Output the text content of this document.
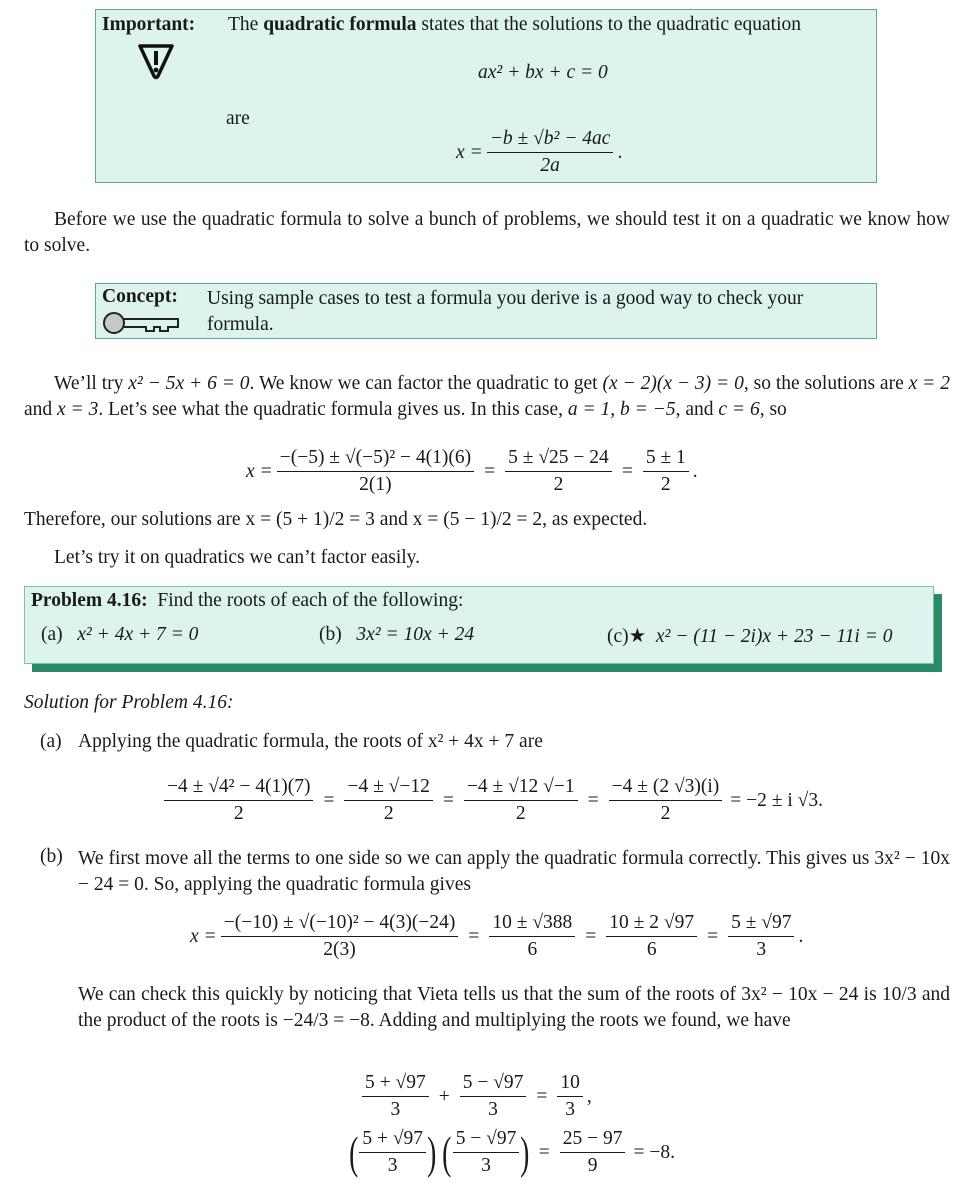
Important: The quadratic formula states that the solutions to the quadratic equation
ax² + bx + c = 0
are
$x = \frac{\text{−b ± √b² − 4ac}}{2a}$ .
Before we use the quadratic formula to solve a bunch of problems, we should test it on a quadratic we know how to solve.
Concept: Using sample cases to test a formula you derive is a good way to check your formula.
We’ll try x² − 5x + 6 = 0. We know we can factor the quadratic to get (x − 2)(x − 3) = 0, so the solutions are x = 2 and x = 3. Let’s see what the quadratic formula gives us. In this case, a = 1, b = −5, and c = 6, so
$x = \frac{\text{−(−5) ± √(−5)² − 4(1)(6)}}{2(1)} = \frac{5 \pm √25 - 24}{2} = \frac{5 \pm 1}{2}$ .
Therefore, our solutions are x = (5 + 1)/2 = 3 and x = (5 − 1)/2 = 2, as expected.
Let’s try it on quadratics we can’t factor easily.
Problem 4.16: Find the roots of each of the following:
(a) x² + 4x + 7 = 0	(b) 3x² = 10x + 24	(c)★ x² − (11 − 2i)x + 23 − 11i = 0
Solution for Problem 4.16:
(a) Applying the quadratic formula, the roots of x² + 4x + 7 are
$\frac{\text{−4 ± √4² − 4(1)(7)}}{2} = \frac{-4 \pm √-12}{2} = \frac{-4 \pm √12 √-1}{2} = \frac{-4 \pm (2 √3)(i)}{2} = -2 \pm i$ √3.
(b) We first move all the terms to one side so we can apply the quadratic formula correctly. This gives us 3x² − 10x − 24 = 0. So, applying the quadratic formula gives
$x = \frac{\text{−(−10) ± √(−10)² − 4(3)(−24)}}{2(3)} = \frac{10 \pm √388}{6} = \frac{10 \pm 2 √97}{6} = \frac{5 \pm √97}{3}$ .
We can check this quickly by noticing that Vieta tells us that the sum of the roots of 3x² − 10x − 24 is 10/3 and the product of the roots is −24/3 = −8. Adding and multiplying the roots we found, we have
$\frac{5 + √97}{3} + \frac{5 - √97}{3} = \frac{10}{3}$ ,
( $\frac{5 + √97}{3}$ ) ( $\frac{5 - √97}{3}$ ) = $\frac{25 - 97}{9} = -8$.
